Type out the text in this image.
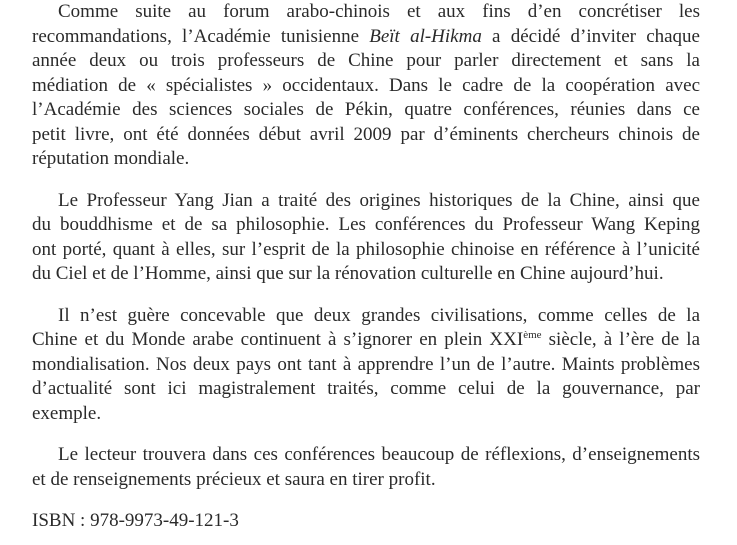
Comme suite au forum arabo-chinois et aux fins d’en concrétiser les
recommandations, l’Académie tunisienne Beït al-Hikma a décidé d’inviter chaque
année deux ou trois professeurs de Chine pour parler directement et sans la
médiation de « spécialistes » occidentaux. Dans le cadre de la coopération avec
l’Académie des sciences sociales de Pékin, quatre conférences, réunies dans ce
petit livre, ont été données début avril 2009 par d’éminents chercheurs chinois de
réputation mondiale.
Le Professeur Yang Jian a traité des origines historiques de la Chine, ainsi que
du bouddhisme et de sa philosophie. Les conférences du Professeur Wang Keping
ont porté, quant à elles, sur l’esprit de la philosophie chinoise en référence à l’unicité
du Ciel et de l’Homme, ainsi que sur la rénovation culturelle en Chine aujourd’hui.
Il n’est guère concevable que deux grandes civilisations, comme celles de la
Chine et du Monde arabe continuent à s’ignorer en plein XXIème siècle, à l’ère de la
mondialisation. Nos deux pays ont tant à apprendre l’un de l’autre. Maints problèmes
d’actualité sont ici magistralement traités, comme celui de la gouvernance, par
exemple.
Le lecteur trouvera dans ces conférences beaucoup de réflexions, d’enseignements
et de renseignements précieux et saura en tirer profit.

ISBN : 978-9973-49-121-3
